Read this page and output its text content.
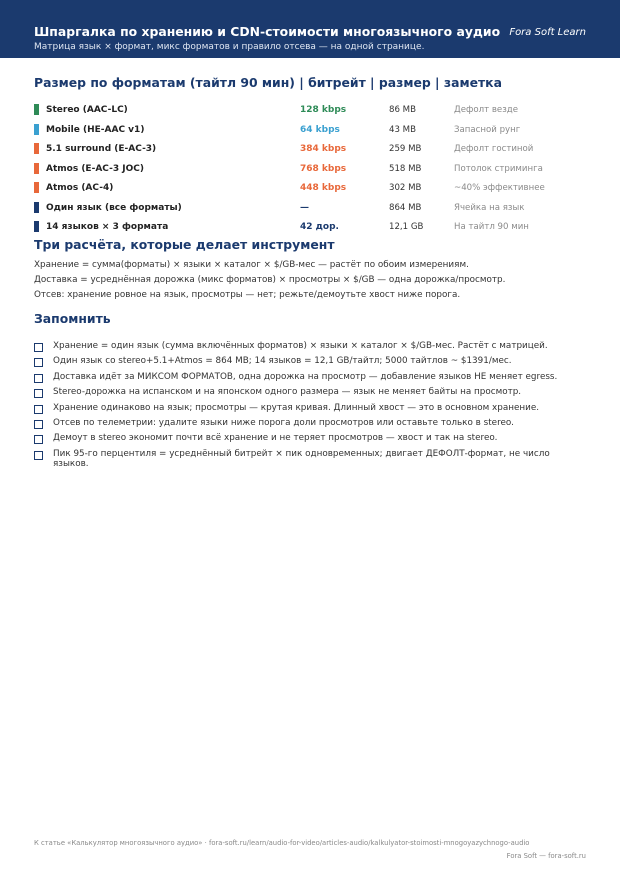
Шпаргалка по хранению и CDN-стоимости многоязычного аудио
Матрица язык × формат, микс форматов и правило отсева — на одной странице.
Fora Soft Learn
Размер по форматам (тайтл 90 мин) | битрейт | размер | заметка
Stereo (AAC-LC)	128 kbps	86 MB	Дефолт везде
Mobile (HE-AAC v1)	64 kbps	43 MB	Запасной рунг
5.1 surround (E-AC-3)	384 kbps	259 MB	Дефолт гостиной
Atmos (E-AC-3 JOC)	768 kbps	518 MB	Потолок стриминга
Atmos (AC-4)	448 kbps	302 MB	~40% эффективнее
Один язык (все форматы)	—	864 MB	Ячейка на язык
14 языков × 3 формата	42 дор.	12,1 GB	На тайтл 90 мин
Три расчёта, которые делает инструмент

Хранение = сумма(форматы) × языки × каталог × $/GB-мес — растёт по обоим измерениям.

Доставка = усреднённая дорожка (микс форматов) × просмотры × $/GB — одна дорожка/просмотр.

Отсев: хранение ровное на язык, просмотры — нет; режьте/демоутьте хвост ниже порога.

Запомнить
Хранение = один язык (сумма включённых форматов) × языки × каталог × $/GB-мес. Растёт с матрицей.
Один язык со stereo+5.1+Atmos = 864 MB; 14 языков = 12,1 GB/тайтл; 5000 тайтлов ~ $1391/мес.
Доставка идёт за МИКСОМ ФОРМАТОВ, одна дорожка на просмотр — добавление языков НЕ меняет egress.
Stereo-дорожка на испанском и на японском одного размера — язык не меняет байты на просмотр.
Хранение одинаково на язык; просмотры — крутая кривая. Длинный хвост — это в основном хранение.
Отсев по телеметрии: удалите языки ниже порога доли просмотров или оставьте только в stereo.
Демоут в stereo экономит почти всё хранение и не теряет просмотров — хвост и так на stereo.
Пик 95-го перцентиля = усреднённый битрейт × пик одновременных; двигает ДЕФОЛТ-формат, не число языков.
К статье «Калькулятор многоязычного аудио» · fora-soft.ru/learn/audio-for-video/articles-audio/kalkulyator-stoimosti-mnogoyazychnogo-audio
Fora Soft — fora-soft.ru
